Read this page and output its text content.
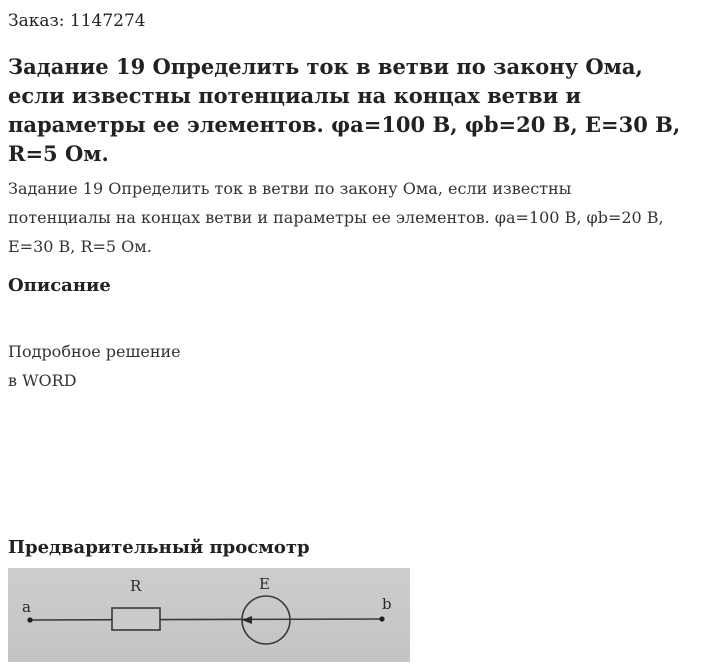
Заказ: 1147274
Задание 19 Определить ток в ветви по закону Ома, если известны потенциалы на концах ветви и параметры ее элементов. φa=100 В, φb=20 В, E=30 В, R=5 Ом.

Задание 19 Определить ток в ветви по закону Ома, если известны потенциалы на концах ветви и параметры ее элементов. φa=100 В, φb=20 В, E=30 В, R=5 Ом.

Описание
Подробное решение
в WORD
Предварительный просмотр
a	b
R	E
